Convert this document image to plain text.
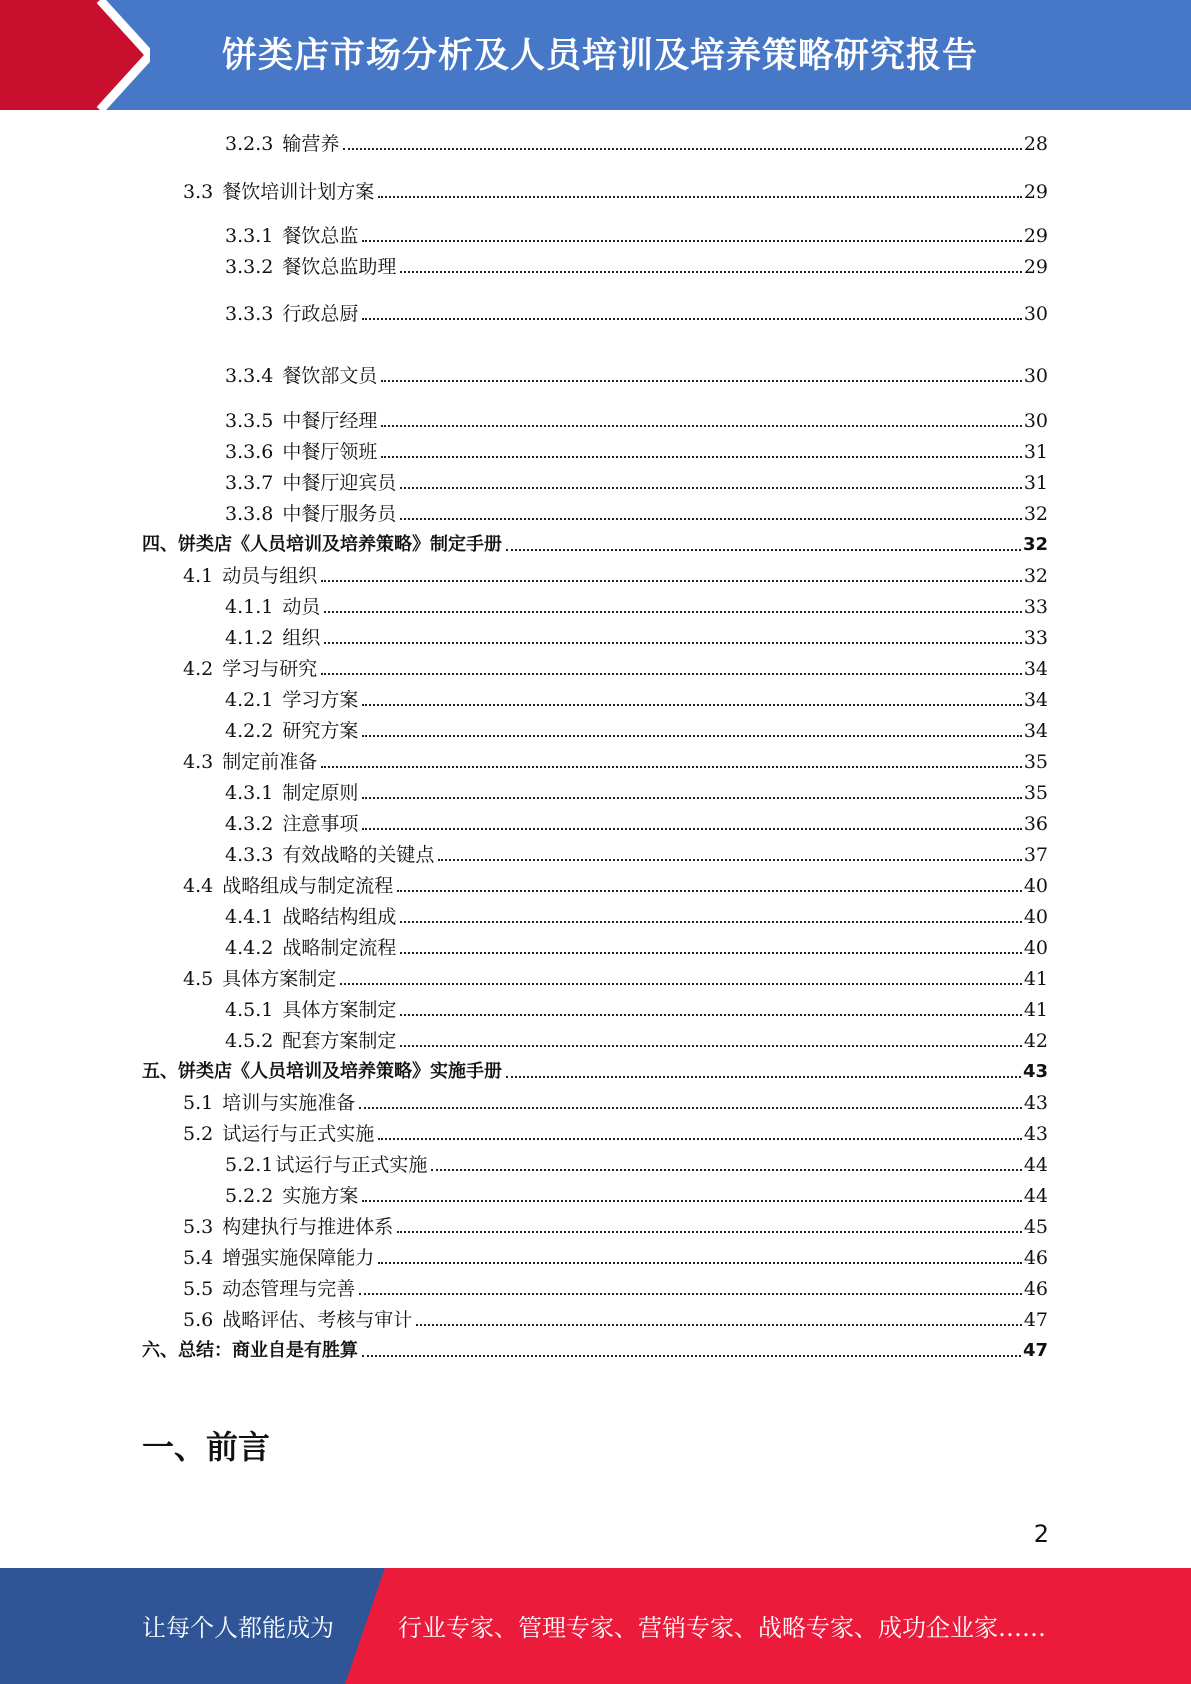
饼类店市场分析及人员培训及培养策略研究报告
3.2.3 输营养	28
3.3 餐饮培训计划方案	29
3.3.1 餐饮总监	29
3.3.2 餐饮总监助理	29
3.3.3 行政总厨	30
3.3.4 餐饮部文员	30
3.3.5 中餐厅经理	30
3.3.6 中餐厅领班	31
3.3.7 中餐厅迎宾员	31
3.3.8 中餐厅服务员	32
四、 饼类店《人员培训及培养策略》制定手册	32
4.1 动员与组织	32
4.1.1 动员	33
4.1.2 组织	33
4.2 学习与研究	34
4.2.1 学习方案	34
4.2.2 研究方案	34
4.3 制定前准备	35
4.3.1 制定原则	35
4.3.2 注意事项	36
4.3.3 有效战略的关键点	37
4.4 战略组成与制定流程	40
4.4.1 战略结构组成	40
4.4.2 战略制定流程	40
4.5 具体方案制定	41
4.5.1 具体方案制定	41
4.5.2 配套方案制定	42
五、 饼类店《人员培训及培养策略》实施手册	43
5.1 培训与实施准备	43
5.2 试运行与正式实施	43
5.2.1 试运行与正式实施	44
5.2.2 实施方案	44
5.3 构建执行与推进体系	45
5.4 增强实施保障能力	46
5.5 动态管理与完善	46
5.6 战略评估、考核与审计	47
六、 总结：商业自是有胜算	47
一、前言
2
让每个人都能成为	行业专家、管理专家、营销专家、战略专家、成功企业家……
